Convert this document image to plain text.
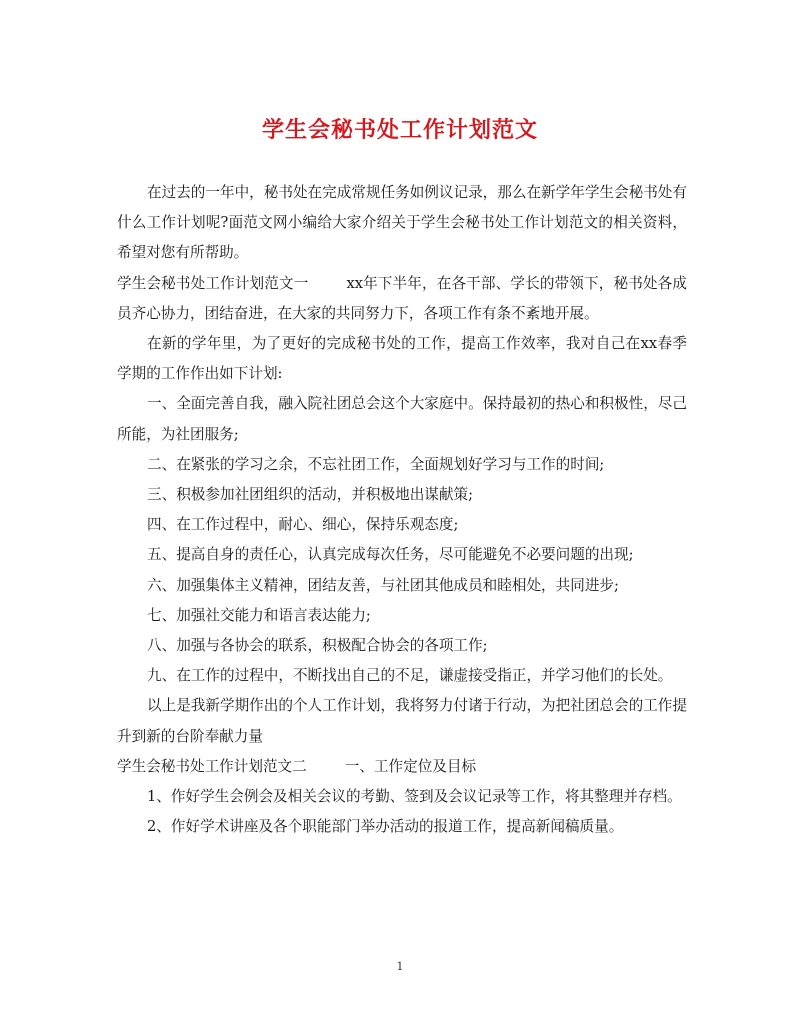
学生会秘书处工作计划范文

在过去的一年中，秘书处在完成常规任务如例议记录，那么在新学年学生会秘书处有什么工作计划呢?面范文网小编给大家介绍关于学生会秘书处工作计划范文的相关资料，希望对您有所帮助。

学生会秘书处工作计划范文一	xx年下半年，在各干部、学长的带领下，秘书处各成员齐心协力，团结奋进，在大家的共同努力下，各项工作有条不紊地开展。

在新的学年里，为了更好的完成秘书处的工作，提高工作效率，我对自己在xx春季学期的工作作出如下计划:

一、全面完善自我，融入院社团总会这个大家庭中。保持最初的热心和积极性，尽己所能，为社团服务;

二、在紧张的学习之余，不忘社团工作，全面规划好学习与工作的时间;

三、积极参加社团组织的活动，并积极地出谋献策;

四、在工作过程中，耐心、细心，保持乐观态度;

五、提高自身的责任心，认真完成每次任务，尽可能避免不必要问题的出现;

六、加强集体主义精神，团结友善，与社团其他成员和睦相处，共同进步;

七、加强社交能力和语言表达能力;

八、加强与各协会的联系，积极配合协会的各项工作;

九、在工作的过程中，不断找出自己的不足，谦虚接受指正，并学习他们的长处。

以上是我新学期作出的个人工作计划，我将努力付诸于行动，为把社团总会的工作提升到新的台阶奉献力量

学生会秘书处工作计划范文二	一、工作定位及目标

1、作好学生会例会及相关会议的考勤、签到及会议记录等工作，将其整理并存档。

2、作好学术讲座及各个职能部门举办活动的报道工作，提高新闻稿质量。

1
